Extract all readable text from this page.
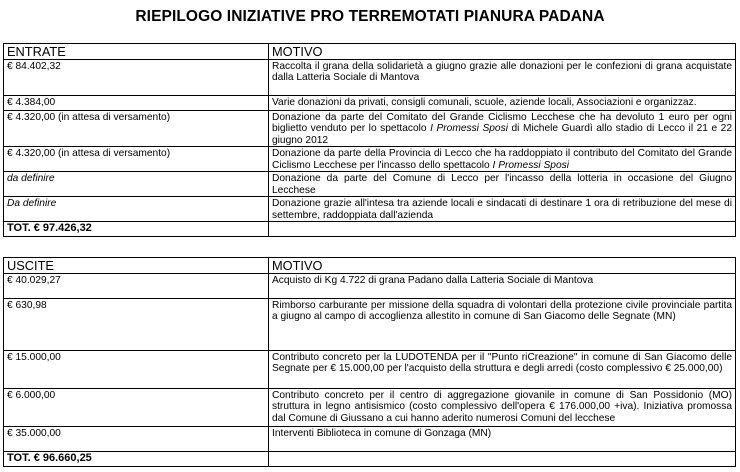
RIEPILOGO INIZIATIVE PRO TERREMOTATI PIANURA PADANA
ENTRATE	MOTIVO
€ 84.402,32	Raccolta il grana della solidarietà a giugno grazie alle donazioni per le confezioni di grana acquistate dalla Latteria Sociale di Mantova
€ 4.384,00	Varie donazioni da privati, consigli comunali, scuole, aziende locali, Associazioni e organizzaz.
€ 4.320,00 (in attesa di versamento)	Donazione da parte del Comitato del Grande Ciclismo Lecchese che ha devoluto 1 euro per ogni biglietto venduto per lo spettacolo I Promessi Sposi di Michele Guardì allo stadio di Lecco il 21 e 22 giugno 2012
€ 4.320,00 (in attesa di versamento)	Donazione da parte della Provincia di Lecco che ha raddoppiato il contributo del Comitato del Grande Ciclismo Lecchese per l'incasso dello spettacolo I Promessi Sposi
da definire	Donazione da parte del Comune di Lecco per l'incasso della lotteria in occasione del Giugno Lecchese
Da definire	Donazione grazie all'intesa tra aziende locali e sindacati di destinare 1 ora di retribuzione del mese di settembre, raddoppiata dall'azienda
TOT. € 97.426,32	
USCITE	MOTIVO
€ 40.029,27	Acquisto di Kg 4.722 di grana Padano dalla Latteria Sociale di Mantova
€ 630,98	Rimborso carburante per missione della squadra di volontari della protezione civile provinciale partita a giugno al campo di accoglienza allestito in comune di San Giacomo delle Segnate (MN)
€ 15.000,00	Contributo concreto per la LUDOTENDA per il "Punto riCreazione" in comune di San Giacomo delle Segnate per € 15.000,00 per l'acquisto della struttura e degli arredi (costo complessivo € 25.000,00)
€ 6.000,00	Contributo concreto per il centro di aggregazione giovanile in comune di San Possidonio (MO) struttura in legno antisismico (costo complessivo dell'opera € 176.000,00 +iva). Iniziativa promossa dal Comune di Giussano a cui hanno aderito numerosi Comuni del lecchese
€ 35.000,00	Interventi Biblioteca in comune di Gonzaga (MN)
TOT. € 96.660,25	
